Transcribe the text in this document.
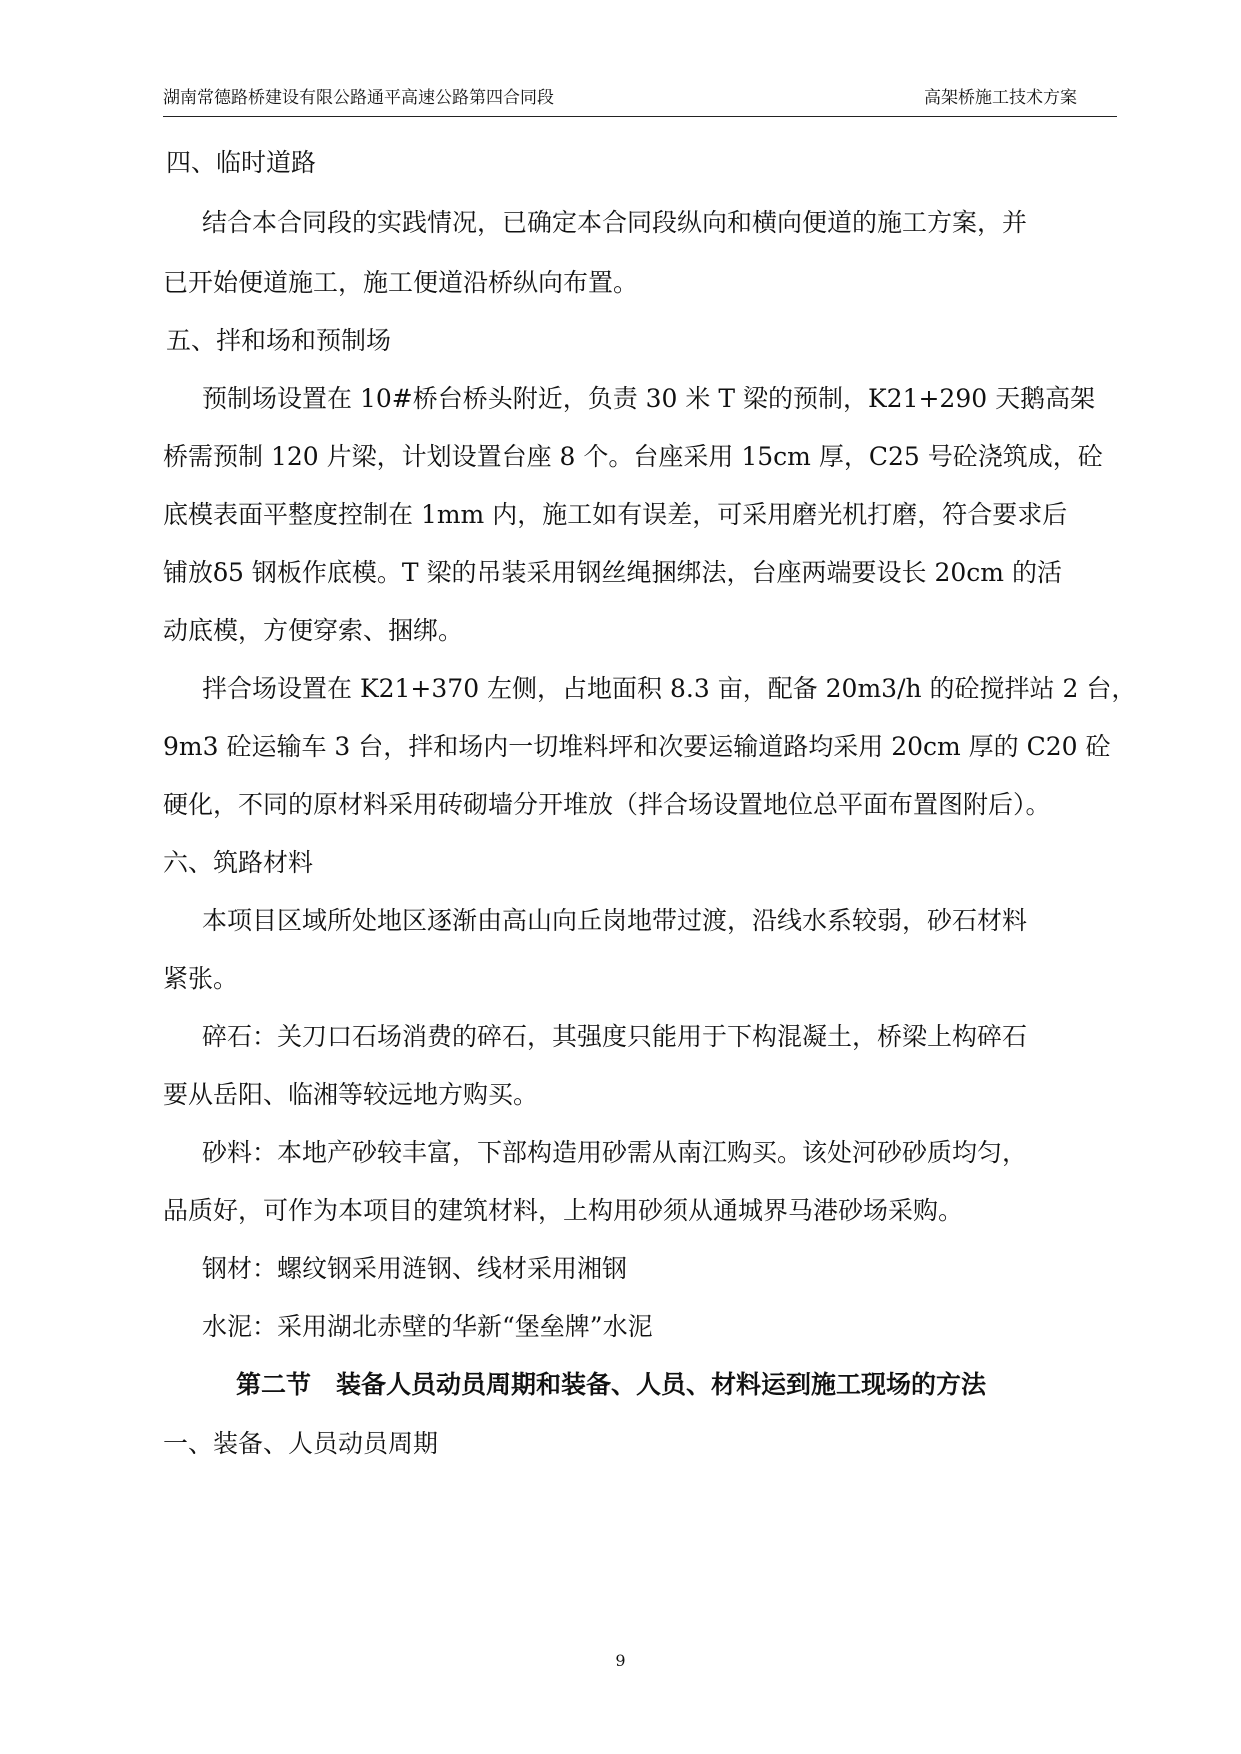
湖南常德路桥建设有限公路通平高速公路第四合同段	高架桥施工技术方案
四、临时道路
结合本合同段的实践情况，已确定本合同段纵向和横向便道的施工方案，并
已开始便道施工，施工便道沿桥纵向布置。
五、拌和场和预制场
预制场设置在 10#桥台桥头附近，负责 30 米 T 梁的预制，K21+290 天鹅高架
桥需预制 120 片梁，计划设置台座 8 个。台座采用 15cm 厚，C25 号砼浇筑成，砼
底模表面平整度控制在 1mm 内，施工如有误差，可采用磨光机打磨，符合要求后
铺放δ5 钢板作底模。T 梁的吊装采用钢丝绳捆绑法，台座两端要设长 20cm 的活
动底模，方便穿索、捆绑。
拌合场设置在 K21+370 左侧，占地面积 8.3 亩，配备 20m3/h 的砼搅拌站 2 台，
9m3 砼运输车 3 台，拌和场内一切堆料坪和次要运输道路均采用 20cm 厚的 C20 砼
硬化，不同的原材料采用砖砌墙分开堆放（拌合场设置地位总平面布置图附后）。
六、筑路材料
本项目区域所处地区逐渐由高山向丘岗地带过渡，沿线水系较弱，砂石材料
紧张。
碎石：关刀口石场消费的碎石，其强度只能用于下构混凝土，桥梁上构碎石
要从岳阳、临湘等较远地方购买。
砂料：本地产砂较丰富，下部构造用砂需从南江购买。该处河砂砂质均匀，
品质好，可作为本项目的建筑材料，上构用砂须从通城界马港砂场采购。
钢材：螺纹钢采用涟钢、线材采用湘钢
水泥：采用湖北赤壁的华新“堡垒牌”水泥
第二节　装备人员动员周期和装备、人员、材料运到施工现场的方法
一、装备、人员动员周期
9
